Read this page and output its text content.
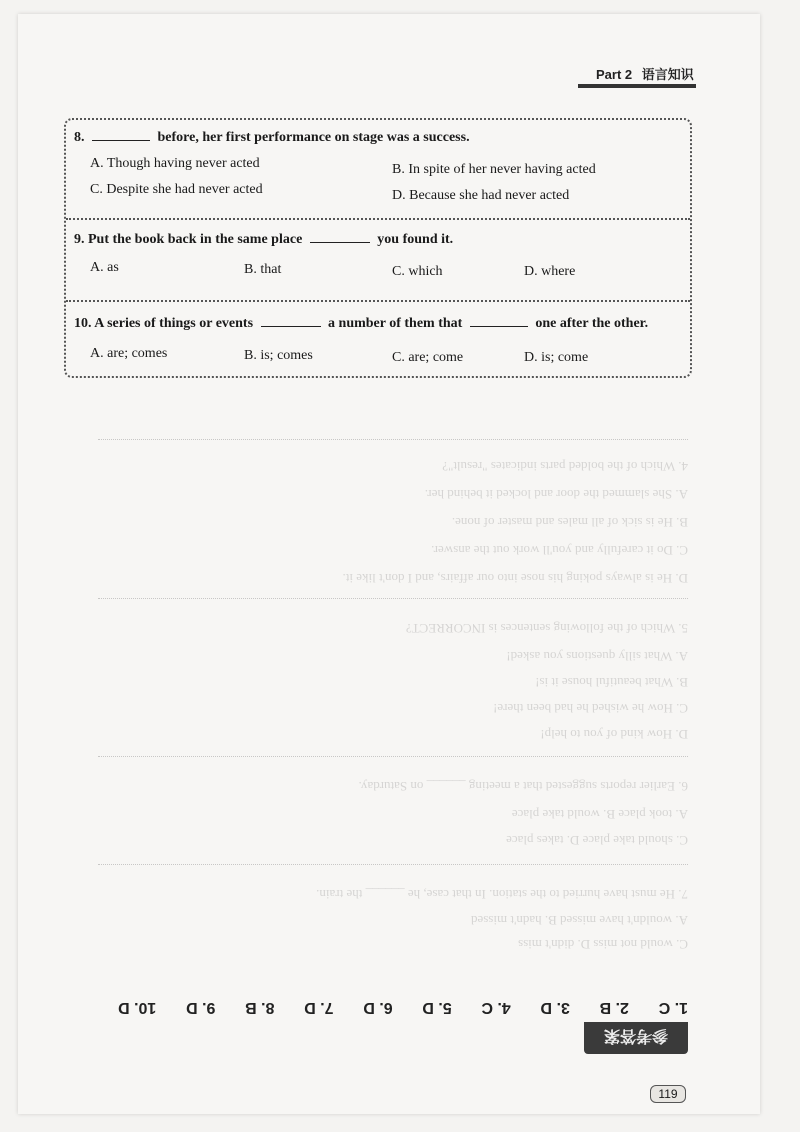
Part 2 语言知识
8.	before, her first performance on stage was a success.
A. Though having never acted	B. In spite of her never having acted
C. Despite she had never acted	D. Because she had never acted
9. Put the book back in the same place	you found it.
A. as	B. that	C. which	D. where
10. A series of things or events	a number of them that	one after the other.
A. are; comes	B. is; comes	C. are; come	D. is; come
4. Which of the bolded parts indicates "result"?
A. She slammed the door and locked it behind her.
B. He is sick of all males and master of none.
C. Do it carefully and you'll work out the answer.
D. He is always poking his nose into our affairs, and I don't like it.
5. Which of the following sentences is INCORRECT?
A. What silly questions you asked!
B. What beautiful house it is!
C. How he wished he had been there!
D. How kind of you to help!
6. Earlier reports suggested that a meeting ______ on Saturday.
A. took place B. would take place
C. should take place D. takes place
7. He must have hurried to the station. In that case, he ______ the train.
A. wouldn't have missed B. hadn't missed
C. would not miss D. didn't miss
1. C
2. B
3. D
4. C
5. D
6. D
7. D
8. B
9. D
10. D
参考答案
119
